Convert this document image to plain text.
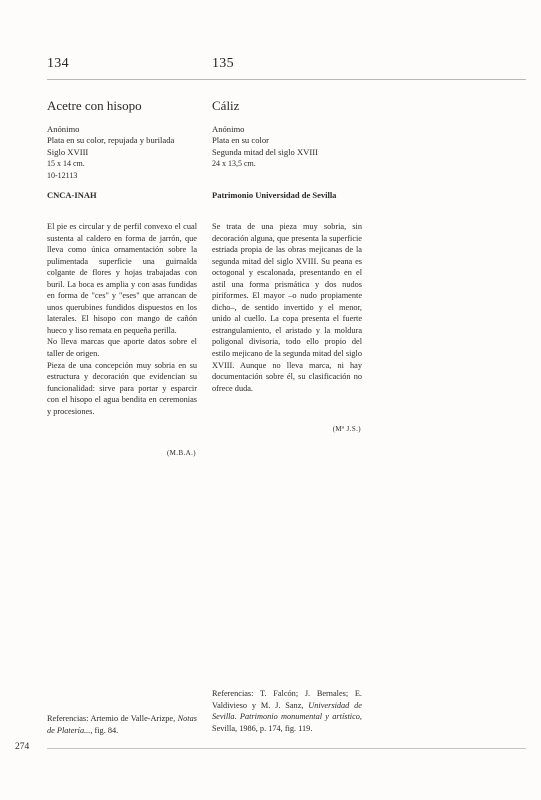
134	135
Acetre con hisopo	Cáliz
Anónimo
Plata en su color, repujada y burilada
Siglo XVIII
15 x 14 cm.
10-12113
Anónimo
Plata en su color
Segunda mitad del siglo XVIII
24 x 13,5 cm.
CNCA-INAH	Patrimonio Universidad de Sevilla

El pie es circular y de perfil convexo el cual sustenta al caldero en forma de jarrón, que lleva como única ornamentación sobre la pulimentada superficie una guirnalda colgante de flores y hojas trabajadas con buril. La boca es amplia y con asas fundidas en forma de "ces" y "eses" que arrancan de unos querubines fundidos dispuestos en los laterales. El hisopo con mango de cañón hueco y liso remata en pequeña perilla.

No lleva marcas que aporte datos sobre el taller de origen.

Pieza de una concepción muy sobria en su estructura y decoración que evidencian su funcionalidad: sirve para portar y esparcir con el hisopo el agua bendita en ceremonias y procesiones.

Se trata de una pieza muy sobria, sin decoración alguna, que presenta la superficie estriada propia de las obras mejicanas de la segunda mitad del siglo XVIII. Su peana es octogonal y escalonada, presentando en el astil una forma prismática y dos nudos piriformes. El mayor –o nudo propiamente dicho–, de sentido invertido y el menor, unido al cuello. La copa presenta el fuerte estrangulamiento, el aristado y la moldura poligonal divisoria, todo ello propio del estilo mejicano de la segunda mitad del siglo XVIII. Aunque no lleva marca, ni hay documentación sobre él, su clasificación no ofrece duda.

(M.B.A.)
(Mª J.S.)
Referencias: Artemio de Valle-Arizpe, Notas de Platería..., fig. 84.
Referencias: T. Falcón; J. Bernales; E. Valdivieso y M. J. Sanz, Universidad de Sevilla. Patrimonio monumental y artístico, Sevilla, 1986, p. 174, fig. 119.
274
